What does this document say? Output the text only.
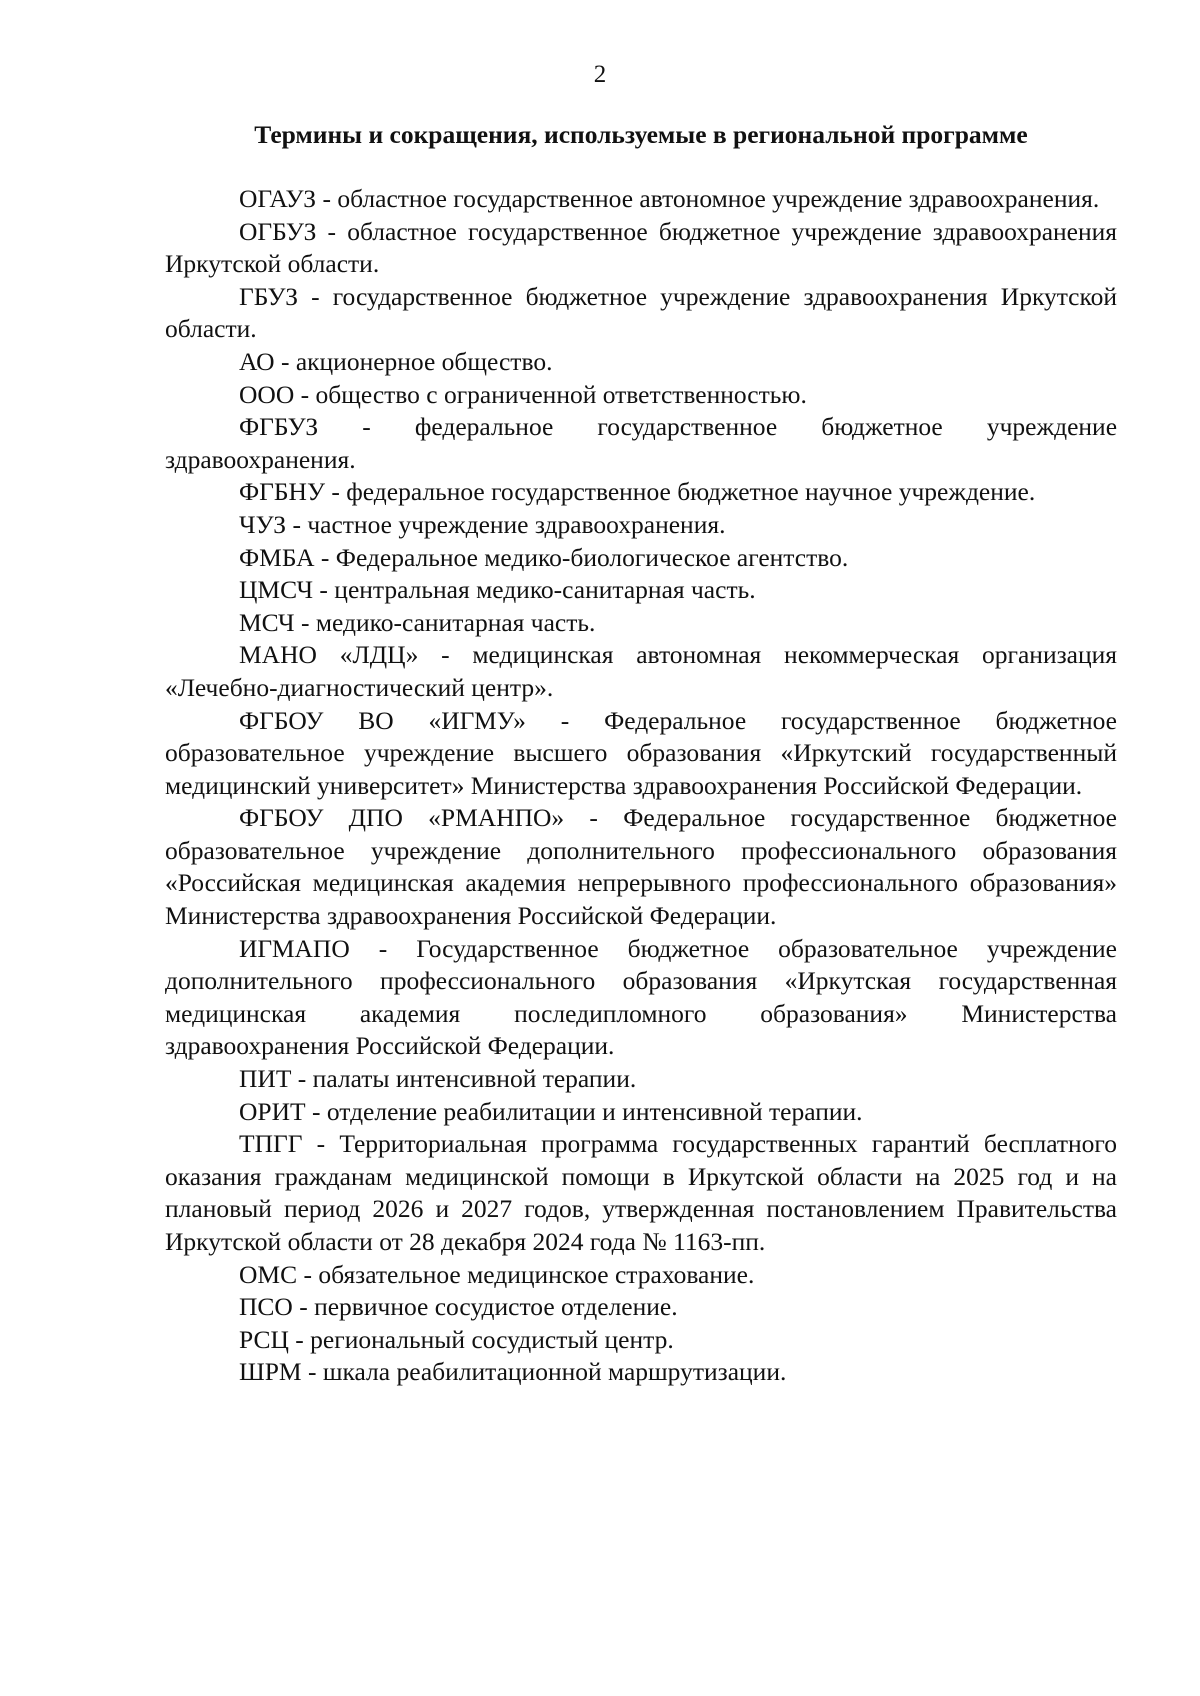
2
Термины и сокращения, используемые в региональной программе

ОГАУЗ - областное государственное автономное учреждение здравоохранения.

ОГБУЗ - областное государственное бюджетное учреждение здравоохранения Иркутской области.

ГБУЗ - государственное бюджетное учреждение здравоохранения Иркутской области.

АО - акционерное общество.

ООО - общество с ограниченной ответственностью.

ФГБУЗ - федеральное государственное бюджетное учреждение здравоохранения.

ФГБНУ - федеральное государственное бюджетное научное учреждение.

ЧУЗ - частное учреждение здравоохранения.

ФМБА - Федеральное медико-биологическое агентство.

ЦМСЧ - центральная медико-санитарная часть.

МСЧ - медико-санитарная часть.

МАНО «ЛДЦ» - медицинская автономная некоммерческая организация «Лечебно-диагностический центр».

ФГБОУ ВО «ИГМУ» - Федеральное государственное бюджетное образовательное учреждение высшего образования «Иркутский государственный медицинский университет» Министерства здравоохранения Российской Федерации.

ФГБОУ ДПО «РМАНПО» - Федеральное государственное бюджетное образовательное учреждение дополнительного профессионального образования «Российская медицинская академия непрерывного профессионального образования» Министерства здравоохранения Российской Федерации.

ИГМАПО - Государственное бюджетное образовательное учреждение дополнительного профессионального образования «Иркутская государственная медицинская академия последипломного образования» Министерства здравоохранения Российской Федерации.

ПИТ - палаты интенсивной терапии.

ОРИТ - отделение реабилитации и интенсивной терапии.

ТПГГ - Территориальная программа государственных гарантий бесплатного оказания гражданам медицинской помощи в Иркутской области на 2025 год и на плановый период 2026 и 2027 годов, утвержденная постановлением Правительства Иркутской области от 28 декабря 2024 года № 1163-пп.

ОМС - обязательное медицинское страхование.

ПСО - первичное сосудистое отделение.

РСЦ - региональный сосудистый центр.

ШРМ - шкала реабилитационной маршрутизации.
